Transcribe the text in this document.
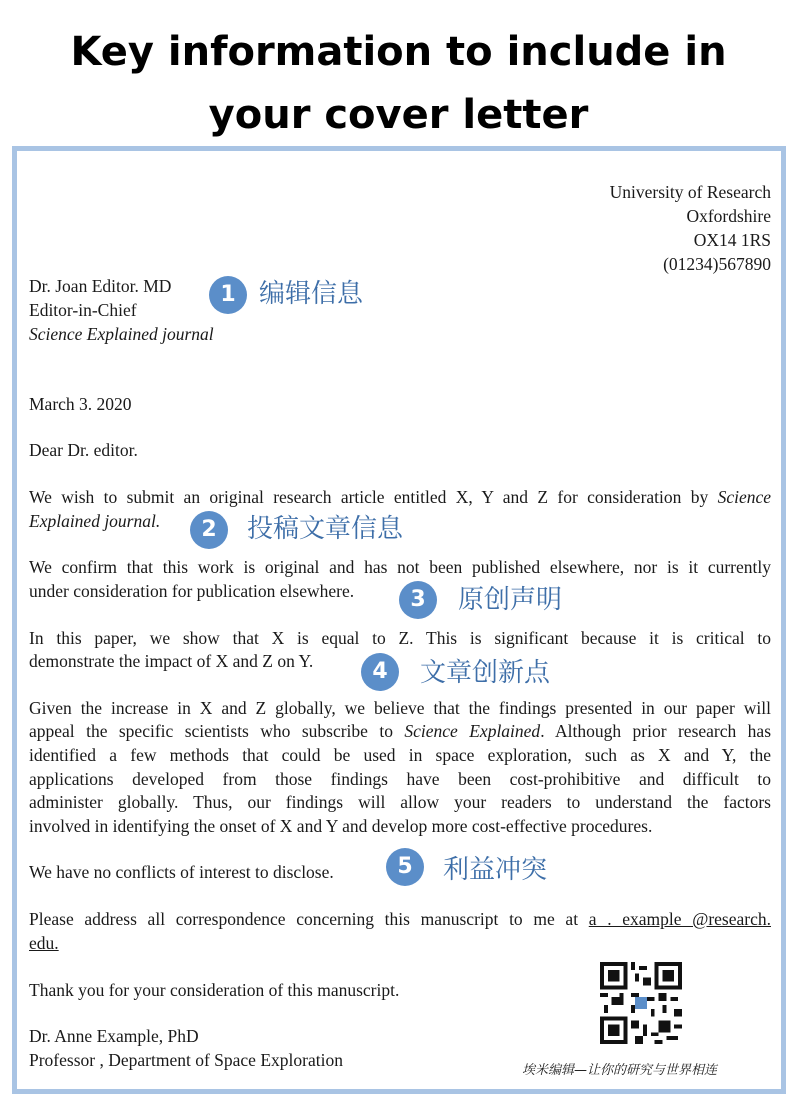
Key information to include in
your cover letter
University of Research
Oxfordshire
OX14 1RS
(01234)567890
Dr. Joan Editor. MD
Editor-in-Chief
Science Explained journal
1 编辑信息
March 3. 2020
Dear Dr. editor.
We wish to submit an original research article entitled X, Y and Z for consideration by Science
Explained journal.	2	投稿文章信息
We confirm that this work is original and has not been published elsewhere, nor is it currently
under consideration for publication elsewhere.	3	原创声明
In this paper, we show that X is equal to Z. This is significant because it is critical to
demonstrate the impact of X and Z on Y.	4	文章创新点
Given the increase in X and Z globally, we believe that the findings presented in our paper will
appeal the specific scientists who subscribe to Science Explained. Although prior research has
identified a few methods that could be used in space exploration, such as X and Y, the
applications developed from those findings have been cost-prohibitive and difficult to
administer globally. Thus, our findings will allow your readers to understand the factors
involved in identifying the onset of X and Y and develop more cost-effective procedures.
We have no conflicts of interest to disclose.	5	利益冲突
Please address all correspondence concerning this manuscript to me at a . example @research.
edu.
Thank you for your consideration of this manuscript.
Dr. Anne Example, PhD
Professor , Department of Space Exploration
埃米编辑—让你的研究与世界相连
